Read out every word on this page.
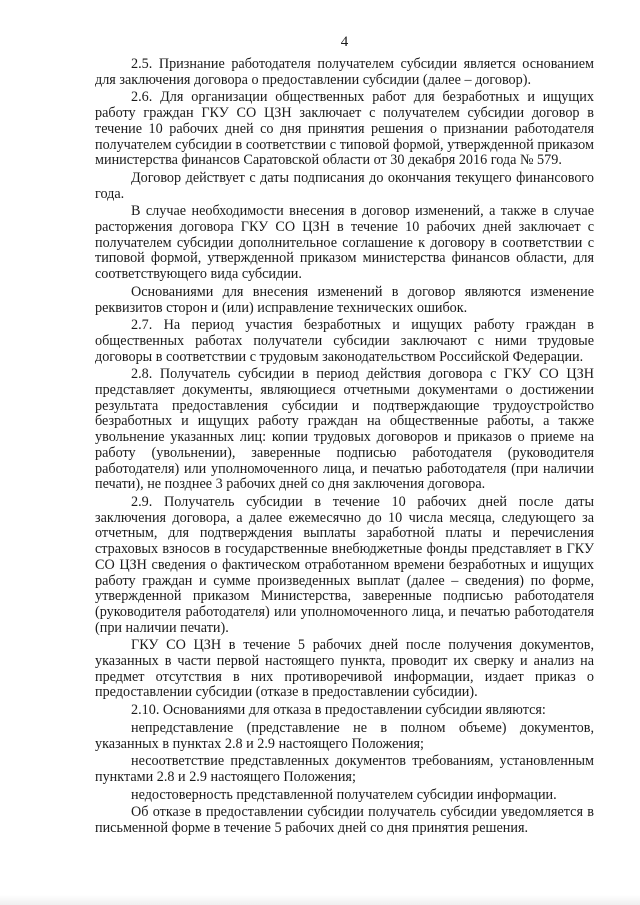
4

2.5. Признание работодателя получателем субсидии является основанием для заключения договора о предоставлении субсидии (далее – договор).

2.6. Для организации общественных работ для безработных и ищущих работу граждан ГКУ СО ЦЗН заключает с получателем субсидии договор в течение 10 рабочих дней со дня принятия решения о признании работодателя получателем субсидии в соответствии с типовой формой, утвержденной приказом министерства финансов Саратовской области от 30 декабря 2016 года № 579.

Договор действует с даты подписания до окончания текущего финансового года.

В случае необходимости внесения в договор изменений, а также в случае расторжения договора ГКУ СО ЦЗН в течение 10 рабочих дней заключает с получателем субсидии дополнительное соглашение к договору в соответствии с типовой формой, утвержденной приказом министерства финансов области, для соответствующего вида субсидии.

Основаниями для внесения изменений в договор являются изменение реквизитов сторон и (или) исправление технических ошибок.

2.7. На период участия безработных и ищущих работу граждан в общественных работах получатели субсидии заключают с ними трудовые договоры в соответствии с трудовым законодательством Российской Федерации.

2.8. Получатель субсидии в период действия договора с ГКУ СО ЦЗН представляет документы, являющиеся отчетными документами о достижении результата предоставления субсидии и подтверждающие трудоустройство безработных и ищущих работу граждан на общественные работы, а также увольнение указанных лиц: копии трудовых договоров и приказов о приеме на работу (увольнении), заверенные подписью работодателя (руководителя работодателя) или уполномоченного лица, и печатью работодателя (при наличии печати), не позднее 3 рабочих дней со дня заключения договора.

2.9. Получатель субсидии в течение 10 рабочих дней после даты заключения договора, а далее ежемесячно до 10 числа месяца, следующего за отчетным, для подтверждения выплаты заработной платы и перечисления страховых взносов в государственные внебюджетные фонды представляет в ГКУ СО ЦЗН сведения о фактическом отработанном времени безработных и ищущих работу граждан и сумме произведенных выплат (далее – сведения) по форме, утвержденной приказом Министерства, заверенные подписью работодателя (руководителя работодателя) или уполномоченного лица, и печатью работодателя (при наличии печати).

ГКУ СО ЦЗН в течение 5 рабочих дней после получения документов, указанных в части первой настоящего пункта, проводит их сверку и анализ на предмет отсутствия в них противоречивой информации, издает приказ о предоставлении субсидии (отказе в предоставлении субсидии).

2.10. Основаниями для отказа в предоставлении субсидии являются:

непредставление (представление не в полном объеме) документов, указанных в пунктах 2.8 и 2.9 настоящего Положения;

несоответствие представленных документов требованиям, установленным пунктами 2.8 и 2.9 настоящего Положения;

недостоверность представленной получателем субсидии информации.

Об отказе в предоставлении субсидии получатель субсидии уведомляется в письменной форме в течение 5 рабочих дней со дня принятия решения.
